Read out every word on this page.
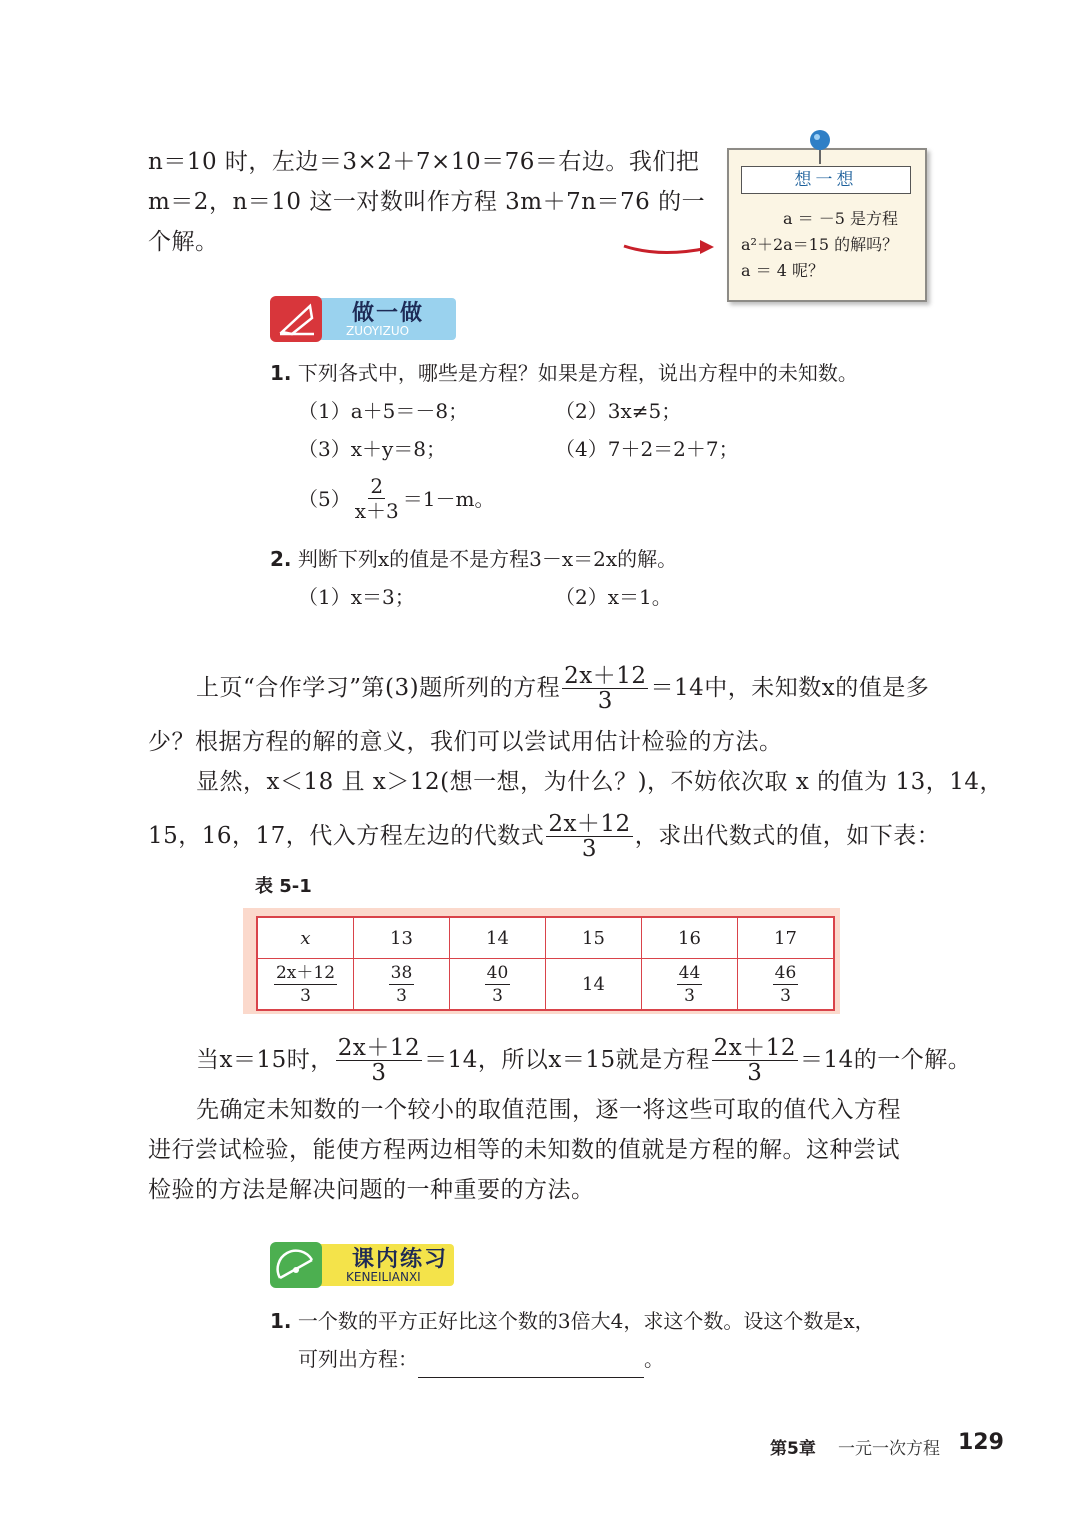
n＝10 时，左边＝3×2＋7×10＝76＝右边。我们把
m＝2，n＝10 这一对数叫作方程 3m＋7n＝76 的一
个解。
想一想
a ＝ －5 是方程
a²＋2a＝15 的解吗？
a ＝ 4 呢？
做一做
ZUOYIZUO
1. 下列各式中，哪些是方程？如果是方程，说出方程中的未知数。
（1）a＋5＝－8；	（2）3x≠5；
（3）x＋y＝8；	（4）7＋2＝2＋7；
$(5) \frac{2}{x+3} =1-m$。
2. 判断下列x的值是不是方程3－x＝2x的解。
（1）x＝3；	（2）x＝1。
上页“合作学习”第(3)题所列的方程 $\frac{2x+12}{3} =14$中，未知数x的值是多
少？根据方程的解的意义，我们可以尝试用估计检验的方法。
显然，x＜18 且 x＞12(想一想，为什么？)，不妨依次取 x 的值为 13，14，
15，16，17，代入方程左边的代数式 $\frac{2x+12}{3}$ ，求出代数式的值，如下表：
表 5-1
x	13	14	15	16	17

$\frac{2x+12}{3}$	$\frac{38}{3}$	$\frac{40}{3}$	14	$\frac{44}{3}$	$\frac{46}{3}$
当x＝15时， $\frac{2x+12}{3} =14$，所以x＝15就是方程 $\frac{2x+12}{3} =14$的一个解。
先确定未知数的一个较小的取值范围，逐一将这些可取的值代入方程
进行尝试检验，能使方程两边相等的未知数的值就是方程的解。这种尝试
检验的方法是解决问题的一种重要的方法。
课内练习
KENEILIANXI
1. 一个数的平方正好比这个数的3倍大4，求这个数。设这个数是x，
可列出方程：	。
第5章 一元一次方程 129
